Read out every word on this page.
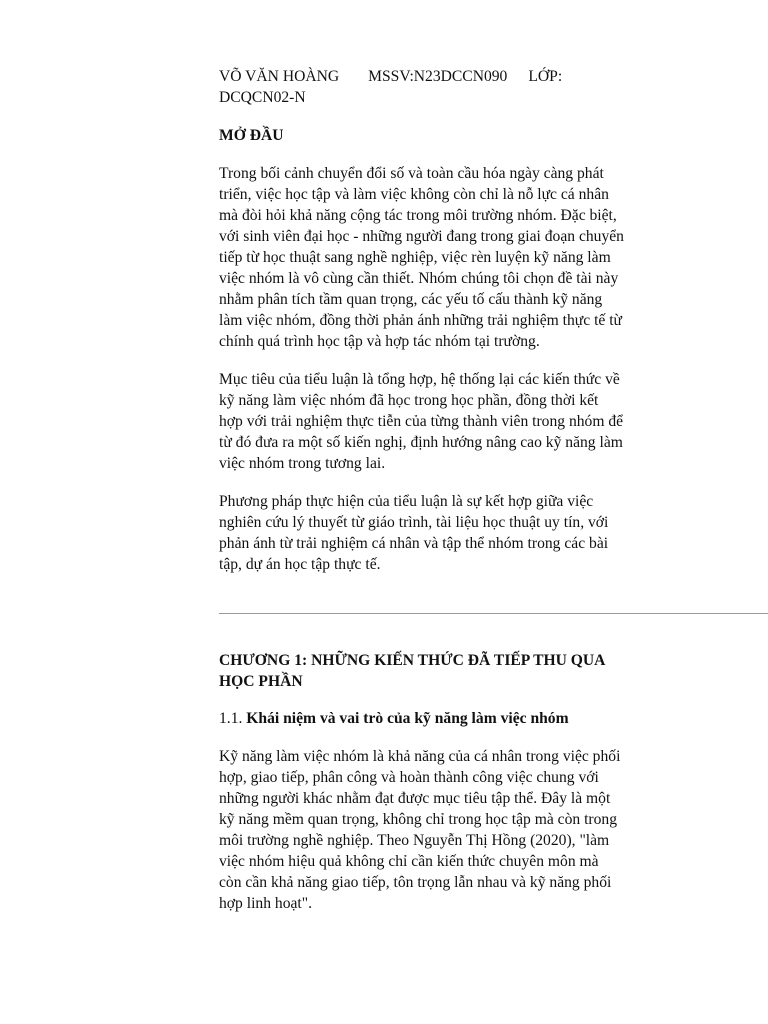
VÕ VĂN HOÀNG MSSV:N23DCCN090 LỚP:
DCQCN02-N

MỞ ĐẦU

Trong bối cảnh chuyển đổi số và toàn cầu hóa ngày càng phát triển, việc học tập và làm việc không còn chỉ là nỗ lực cá nhân mà đòi hỏi khả năng cộng tác trong môi trường nhóm. Đặc biệt, với sinh viên đại học - những người đang trong giai đoạn chuyển tiếp từ học thuật sang nghề nghiệp, việc rèn luyện kỹ năng làm việc nhóm là vô cùng cần thiết. Nhóm chúng tôi chọn đề tài này nhằm phân tích tầm quan trọng, các yếu tố cấu thành kỹ năng làm việc nhóm, đồng thời phản ánh những trải nghiệm thực tế từ chính quá trình học tập và hợp tác nhóm tại trường.

Mục tiêu của tiểu luận là tổng hợp, hệ thống lại các kiến thức về kỹ năng làm việc nhóm đã học trong học phần, đồng thời kết hợp với trải nghiệm thực tiễn của từng thành viên trong nhóm để từ đó đưa ra một số kiến nghị, định hướng nâng cao kỹ năng làm việc nhóm trong tương lai.

Phương pháp thực hiện của tiểu luận là sự kết hợp giữa việc nghiên cứu lý thuyết từ giáo trình, tài liệu học thuật uy tín, với phản ánh từ trải nghiệm cá nhân và tập thể nhóm trong các bài tập, dự án học tập thực tế.

CHƯƠNG 1: NHỮNG KIẾN THỨC ĐÃ TIẾP THU QUA HỌC PHẦN

1.1. Khái niệm và vai trò của kỹ năng làm việc nhóm

Kỹ năng làm việc nhóm là khả năng của cá nhân trong việc phối hợp, giao tiếp, phân công và hoàn thành công việc chung với những người khác nhằm đạt được mục tiêu tập thể. Đây là một kỹ năng mềm quan trọng, không chỉ trong học tập mà còn trong môi trường nghề nghiệp. Theo Nguyễn Thị Hồng (2020), "làm việc nhóm hiệu quả không chỉ cần kiến thức chuyên môn mà còn cần khả năng giao tiếp, tôn trọng lẫn nhau và kỹ năng phối hợp linh hoạt".
